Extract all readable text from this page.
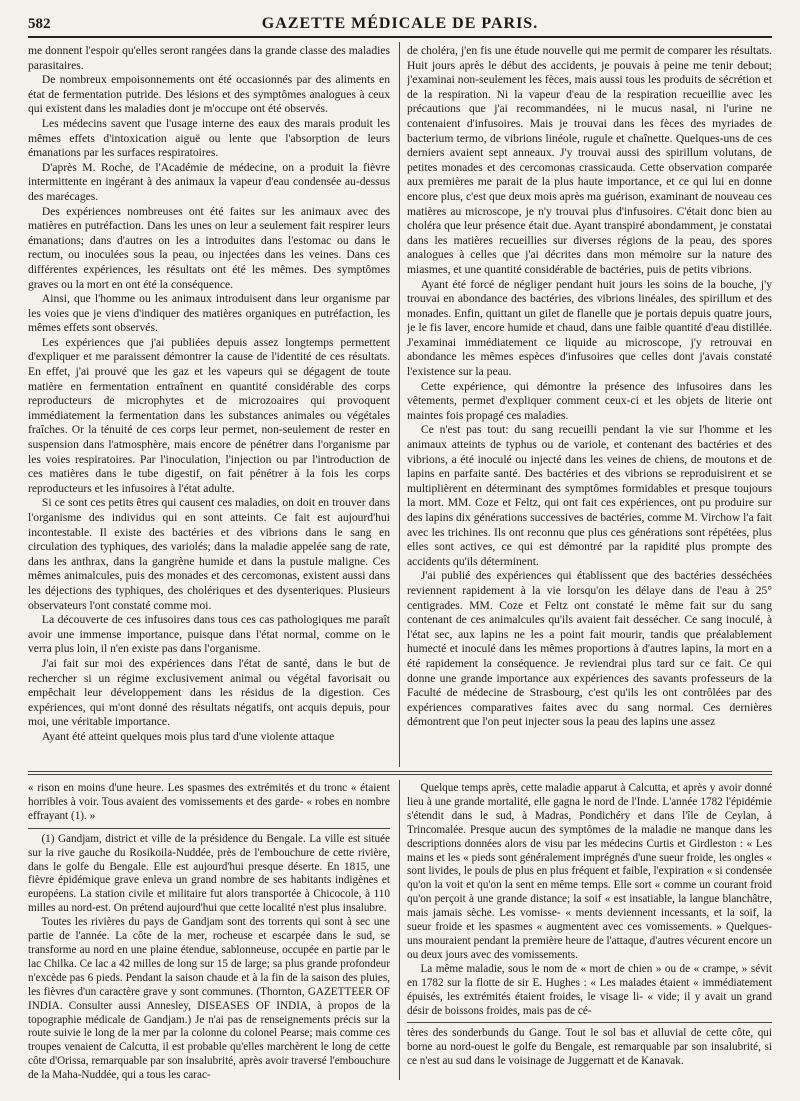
582	GAZETTE MÉDICALE DE PARIS.

me donnent l'espoir qu'elles seront rangées dans la grande classe des maladies parasitaires.

De nombreux empoisonnements ont été occasionnés par des aliments en état de fermentation putride. Des lésions et des symptômes analogues à ceux qui existent dans les maladies dont je m'occupe ont été observés.

Les médecins savent que l'usage interne des eaux des marais produit les mêmes effets d'intoxication aiguë ou lente que l'absorption de leurs émanations par les surfaces respiratoires.

D'après M. Roche, de l'Académie de médecine, on a produit la fièvre intermittente en ingérant à des animaux la vapeur d'eau condensée au-dessus des marécages.

Des expériences nombreuses ont été faites sur les animaux avec des matières en putréfaction. Dans les unes on leur a seulement fait respirer leurs émanations; dans d'autres on les a introduites dans l'estomac ou dans le rectum, ou inoculées sous la peau, ou injectées dans les veines. Dans ces différentes expériences, les résultats ont été les mêmes. Des symptômes graves ou la mort en ont été la conséquence.

Ainsi, que l'homme ou les animaux introduisent dans leur organisme par les voies que je viens d'indiquer des matières organiques en putréfaction, les mêmes effets sont observés.

Les expériences que j'ai publiées depuis assez longtemps permettent d'expliquer et me paraissent démontrer la cause de l'identité de ces résultats. En effet, j'ai prouvé que les gaz et les vapeurs qui se dégagent de toute matière en fermentation entraînent en quantité considérable des corps reproducteurs de microphytes et de microzoaires qui provoquent immédiatement la fermentation dans les substances animales ou végétales fraîches. Or la ténuité de ces corps leur permet, non-seulement de rester en suspension dans l'atmosphère, mais encore de pénétrer dans l'organisme par les voies respiratoires. Par l'inoculation, l'injection ou par l'introduction de ces matières dans le tube digestif, on fait pénétrer à la fois les corps reproducteurs et les infusoires à l'état adulte.

Si ce sont ces petits êtres qui causent ces maladies, on doit en trouver dans l'organisme des individus qui en sont atteints. Ce fait est aujourd'hui incontestable. Il existe des bactéries et des vibrions dans le sang en circulation des typhiques, des variolés; dans la maladie appelée sang de rate, dans les anthrax, dans la gangrène humide et dans la pustule maligne. Ces mêmes animalcules, puis des monades et des cercomonas, existent aussi dans les déjections des typhiques, des cholériques et des dysenteriques. Plusieurs observateurs l'ont constaté comme moi.

La découverte de ces infusoires dans tous ces cas pathologiques me paraît avoir une immense importance, puisque dans l'état normal, comme on le verra plus loin, il n'en existe pas dans l'organisme.

J'ai fait sur moi des expériences dans l'état de santé, dans le but de rechercher si un régime exclusivement animal ou végétal favorisait ou empêchait leur développement dans les résidus de la digestion. Ces expériences, qui m'ont donné des résultats négatifs, ont acquis depuis, pour moi, une véritable importance.

Ayant été atteint quelques mois plus tard d'une violente attaque

de choléra, j'en fis une étude nouvelle qui me permit de comparer les résultats. Huit jours après le début des accidents, je pouvais à peine me tenir debout; j'examinai non-seulement les fèces, mais aussi tous les produits de sécrétion et de la respiration. Ni la vapeur d'eau de la respiration recueillie avec les précautions que j'ai recommandées, ni le mucus nasal, ni l'urine ne contenaient d'infusoires. Mais je trouvai dans les fèces des myriades de bacterium termo, de vibrions linéole, rugule et chaînette. Quelques-uns de ces derniers avaient sept anneaux. J'y trouvai aussi des spirillum volutans, de petites monades et des cercomonas crassicauda. Cette observation comparée aux premières me parait de la plus haute importance, et ce qui lui en donne encore plus, c'est que deux mois après ma guérison, examinant de nouveau ces matières au microscope, je n'y trouvai plus d'infusoires. C'était donc bien au choléra que leur présence était due. Ayant transpiré abondamment, je constatai dans les matières recueillies sur diverses régions de la peau, des spores analogues à celles que j'ai décrites dans mon mémoire sur la nature des miasmes, et une quantité considérable de bactéries, puis de petits vibrions.

Ayant été forcé de négliger pendant huit jours les soins de la bouche, j'y trouvai en abondance des bactéries, des vibrions linéales, des spirillum et des monades. Enfin, quittant un gilet de flanelle que je portais depuis quatre jours, je le fis laver, encore humide et chaud, dans une faible quantité d'eau distillée. J'examinai immédiatement ce liquide au microscope, j'y retrouvai en abondance les mêmes espèces d'infusoires que celles dont j'avais constaté l'existence sur la peau.

Cette expérience, qui démontre la présence des infusoires dans les vêtements, permet d'expliquer comment ceux-ci et les objets de literie ont maintes fois propagé ces maladies.

Ce n'est pas tout: du sang recueilli pendant la vie sur l'homme et les animaux atteints de typhus ou de variole, et contenant des bactéries et des vibrions, a été inoculé ou injecté dans les veines de chiens, de moutons et de lapins en parfaite santé. Des bactéries et des vibrions se reproduisirent et se multiplièrent en déterminant des symptômes formidables et presque toujours la mort. MM. Coze et Feltz, qui ont fait ces expériences, ont pu produire sur des lapins dix générations successives de bactéries, comme M. Virchow l'a fait avec les trichines. Ils ont reconnu que plus ces générations sont répétées, plus elles sont actives, ce qui est démontré par la rapidité plus prompte des accidents qu'ils déterminent.

J'ai publié des expériences qui établissent que des bactéries desséchées reviennent rapidement à la vie lorsqu'on les délaye dans de l'eau à 25° centigrades. MM. Coze et Feltz ont constaté le même fait sur du sang contenant de ces animalcules qu'ils avaient fait dessécher. Ce sang inoculé, à l'état sec, aux lapins ne les a point fait mourir, tandis que préalablement humecté et inoculé dans les mêmes proportions à d'autres lapins, la mort en a été rapidement la conséquence. Je reviendrai plus tard sur ce fait. Ce qui donne une grande importance aux expériences des savants professeurs de la Faculté de médecine de Strasbourg, c'est qu'ils les ont contrôlées par des expériences comparatives faites avec du sang normal. Ces dernières démontrent que l'on peut injecter sous la peau des lapins une assez

« rison en moins d'une heure. Les spasmes des extrémités et du tronc « étaient horribles à voir. Tous avaient des vomissements et des garde- « robes en nombre effrayant (1). »

(1) Gandjam, district et ville de la présidence du Bengale. La ville est située sur la rive gauche du Rosikoila-Nuddée, près de l'embouchure de cette rivière, dans le golfe du Bengale. Elle est aujourd'hui presque déserte. En 1815, une fièvre épidémique grave enleva un grand nombre de ses habitants indigènes et européens. La station civile et militaire fut alors transportée à Chicocole, à 110 milles au nord-est. On prétend aujourd'hui que cette localité n'est plus insalubre.

Toutes les rivières du pays de Gandjam sont des torrents qui sont à sec une partie de l'année. La côte de la mer, rocheuse et escarpée dans le sud, se transforme au nord en une plaine étendue, sablonneuse, occupée en partie par le lac Chilka. Ce lac a 42 milles de long sur 15 de large; sa plus grande profondeur n'excède pas 6 pieds. Pendant la saison chaude et à la fin de la saison des pluies, les fièvres d'un caractère grave y sont communes. (Thornton, GAZETTEER OF INDIA. Consulter aussi Annesley, DISEASES OF INDIA, à propos de la topographie médicale de Gandjam.) Je n'ai pas de renseignements précis sur la route suivie le long de la mer par la colonne du colonel Pearse; mais comme ces troupes venaient de Calcutta, il est probable qu'elles marchèrent le long de cette côte d'Orissa, remarquable par son insalubrité, après avoir traversé l'embouchure de la Maha-Nuddée, qui a tous les carac-

Quelque temps après, cette maladie apparut à Calcutta, et après y avoir donné lieu à une grande mortalité, elle gagna le nord de l'Inde. L'année 1782 l'épidémie s'étendit dans le sud, à Madras, Pondichéry et dans l'île de Ceylan, à Trincomalée. Presque aucun des symptômes de la maladie ne manque dans les descriptions données alors de visu par les médecins Curtis et Girdleston : « Les mains et les « pieds sont généralement imprégnés d'une sueur froide, les ongles « sont livides, le pouls de plus en plus fréquent et faible, l'expiration « si condensée qu'on la voit et qu'on la sent en même temps. Elle sort « comme un courant froid qu'on perçoit à une grande distance; la soif « est insatiable, la langue blanchâtre, mais jamais sèche. Les vomisse- « ments deviennent incessants, et la soif, la sueur froide et les spasmes « augmentent avec ces vomissements. » Quelques-uns mouraient pendant la première heure de l'attaque, d'autres vécurent encore un ou deux jours avec des vomissements.

La même maladie, sous le nom de « mort de chien » ou de « crampe, » sévit en 1782 sur la flotte de sir E. Hughes : « Les malades étaient « immédiatement épuisés, les extrémités étaient froides, le visage li- « vide; il y avait un grand désir de boissons froides, mais pas de cé-

tères des sonderbunds du Gange. Tout le sol bas et alluvial de cette côte, qui borne au nord-ouest le golfe du Bengale, est remarquable par son insalubrité, si ce n'est au sud dans le voisinage de Juggernatt et de Kanavak.
